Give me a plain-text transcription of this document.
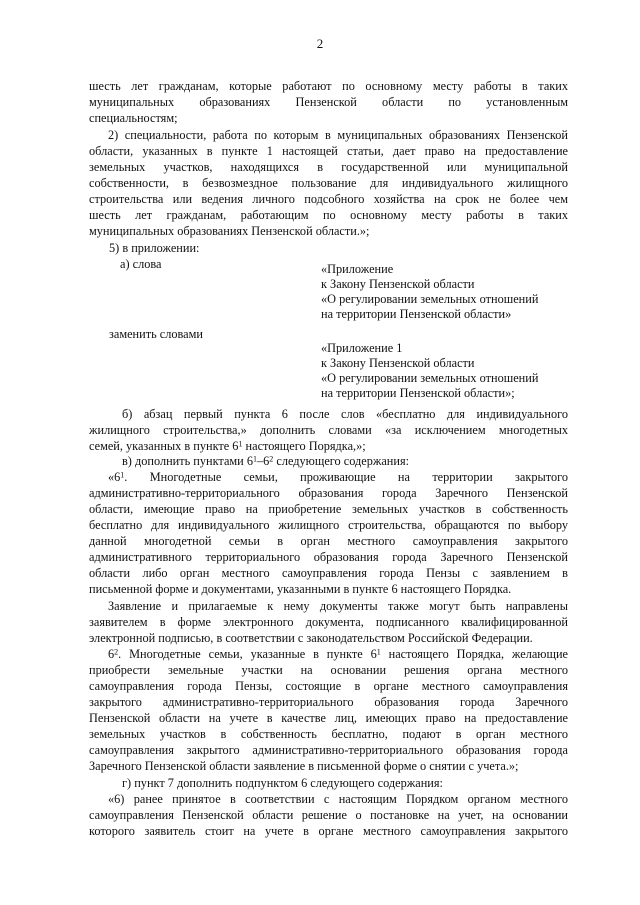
2
шесть лет гражданам, которые работают по основному месту работы в таких
муниципальных образованиях Пензенской области по установленным
специальностям;
2) специальности, работа по которым в муниципальных образованиях Пензенской
области, указанных в пункте 1 настоящей статьи, дает право на предоставление
земельных участков, находящихся в государственной или муниципальной
собственности, в безвозмездное пользование для индивидуального жилищного
строительства или ведения личного подсобного хозяйства на срок не более чем
шесть лет гражданам, работающим по основному месту работы в таких
муниципальных образованиях Пензенской области.»;
5) в приложении:
а) слова	«Приложение
к Закону Пензенской области
«О регулировании земельных отношений
на территории Пензенской области»
заменить словами
«Приложение 1
к Закону Пензенской области
«О регулировании земельных отношений
на территории Пензенской области»;
б) абзац первый пункта 6 после слов «бесплатно для индивидуального
жилищного строительства,» дополнить словами «за исключением многодетных
семей, указанных в пункте $6^1$ настоящего Порядка,»;
в) дополнить пунктами $6^1-6^2$ следующего содержания:
«$6^1$. Многодетные семьи, проживающие на территории закрытого
административно-территориального образования города Заречного Пензенской
области, имеющие право на приобретение земельных участков в собственность
бесплатно для индивидуального жилищного строительства, обращаются по выбору
данной многодетной семьи в орган местного самоуправления закрытого
административного территориального образования города Заречного Пензенской
области либо орган местного самоуправления города Пензы с заявлением в
письменной форме и документами, указанными в пункте 6 настоящего Порядка.
Заявление и прилагаемые к нему документы также могут быть направлены
заявителем в форме электронного документа, подписанного квалифицированной
электронной подписью, в соответствии с законодательством Российской Федерации.
$6^2$. Многодетные семьи, указанные в пункте $6^1$ настоящего Порядка, желающие
приобрести земельные участки на основании решения органа местного
самоуправления города Пензы, состоящие в органе местного самоуправления
закрытого административно-территориального образования города Заречного
Пензенской области на учете в качестве лиц, имеющих право на предоставление
земельных участков в собственность бесплатно, подают в орган местного
самоуправления закрытого административно-территориального образования города
Заречного Пензенской области заявление в письменной форме о снятии с учета.»;
г) пункт 7 дополнить подпунктом 6 следующего содержания:
«6) ранее принятое в соответствии с настоящим Порядком органом местного
самоуправления Пензенской области решение о постановке на учет, на основании
которого заявитель стоит на учете в органе местного самоуправления закрытого
